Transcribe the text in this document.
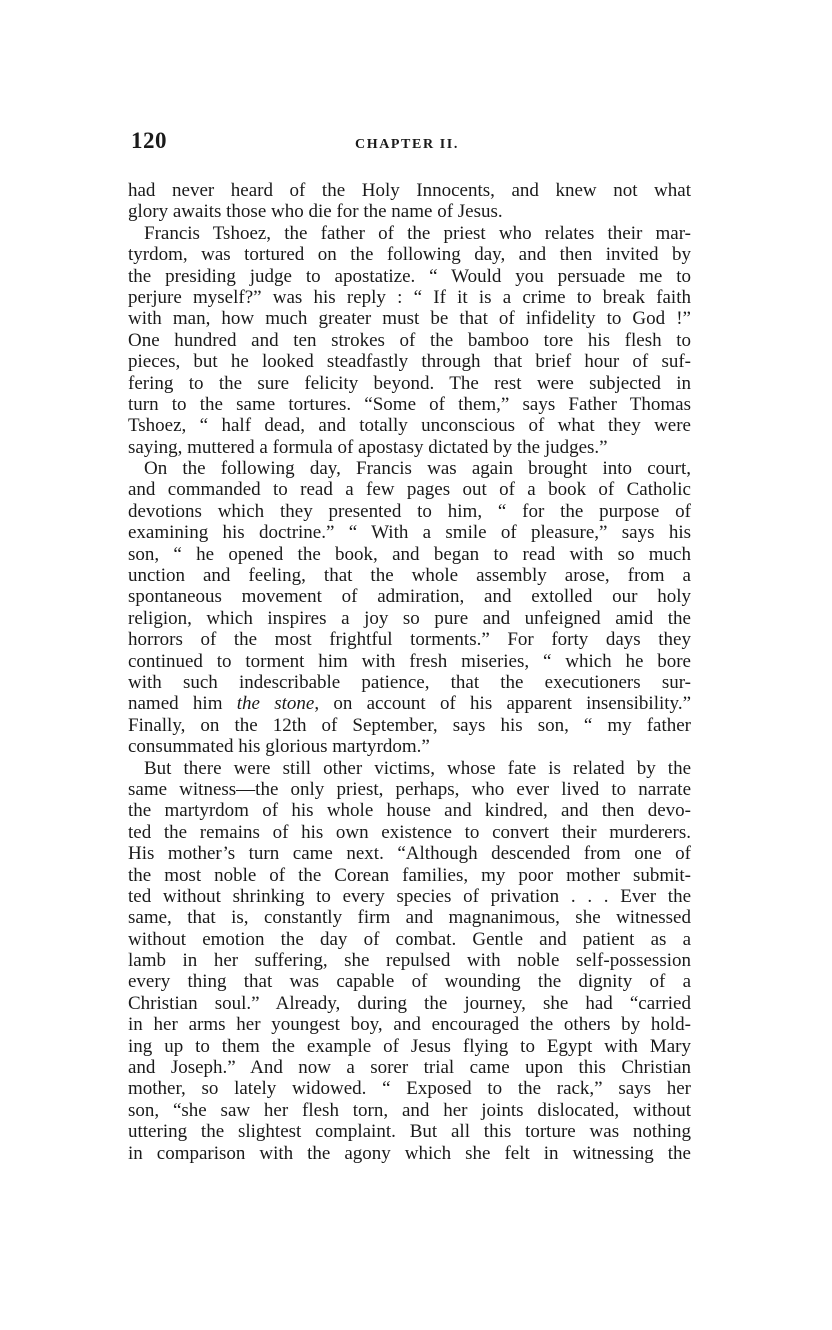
120	CHAPTER II.
had never heard of the Holy Innocents, and knew not what
glory awaits those who die for the name of Jesus.
Francis Tshoez, the father of the priest who relates their mar-
tyrdom, was tortured on the following day, and then invited by
the presiding judge to apostatize. “ Would you persuade me to
perjure myself?” was his reply : “ If it is a crime to break faith
with man, how much greater must be that of infidelity to God !”
One hundred and ten strokes of the bamboo tore his flesh to
pieces, but he looked steadfastly through that brief hour of suf-
fering to the sure felicity beyond. The rest were subjected in
turn to the same tortures. “Some of them,” says Father Thomas
Tshoez, “ half dead, and totally unconscious of what they were
saying, muttered a formula of apostasy dictated by the judges.”
On the following day, Francis was again brought into court,
and commanded to read a few pages out of a book of Catholic
devotions which they presented to him, “ for the purpose of
examining his doctrine.” “ With a smile of pleasure,” says his
son, “ he opened the book, and began to read with so much
unction and feeling, that the whole assembly arose, from a
spontaneous movement of admiration, and extolled our holy
religion, which inspires a joy so pure and unfeigned amid the
horrors of the most frightful torments.” For forty days they
continued to torment him with fresh miseries, “ which he bore
with such indescribable patience, that the executioners sur-
named him the stone, on account of his apparent insensibility.”
Finally, on the 12th of September, says his son, “ my father
consummated his glorious martyrdom.”
But there were still other victims, whose fate is related by the
same witness—the only priest, perhaps, who ever lived to narrate
the martyrdom of his whole house and kindred, and then devo-
ted the remains of his own existence to convert their murderers.
His mother’s turn came next. “Although descended from one of
the most noble of the Corean families, my poor mother submit-
ted without shrinking to every species of privation . . . Ever the
same, that is, constantly firm and magnanimous, she witnessed
without emotion the day of combat. Gentle and patient as a
lamb in her suffering, she repulsed with noble self-possession
every thing that was capable of wounding the dignity of a
Christian soul.” Already, during the journey, she had “carried
in her arms her youngest boy, and encouraged the others by hold-
ing up to them the example of Jesus flying to Egypt with Mary
and Joseph.” And now a sorer trial came upon this Christian
mother, so lately widowed. “ Exposed to the rack,” says her
son, “she saw her flesh torn, and her joints dislocated, without
uttering the slightest complaint. But all this torture was nothing
in comparison with the agony which she felt in witnessing the
